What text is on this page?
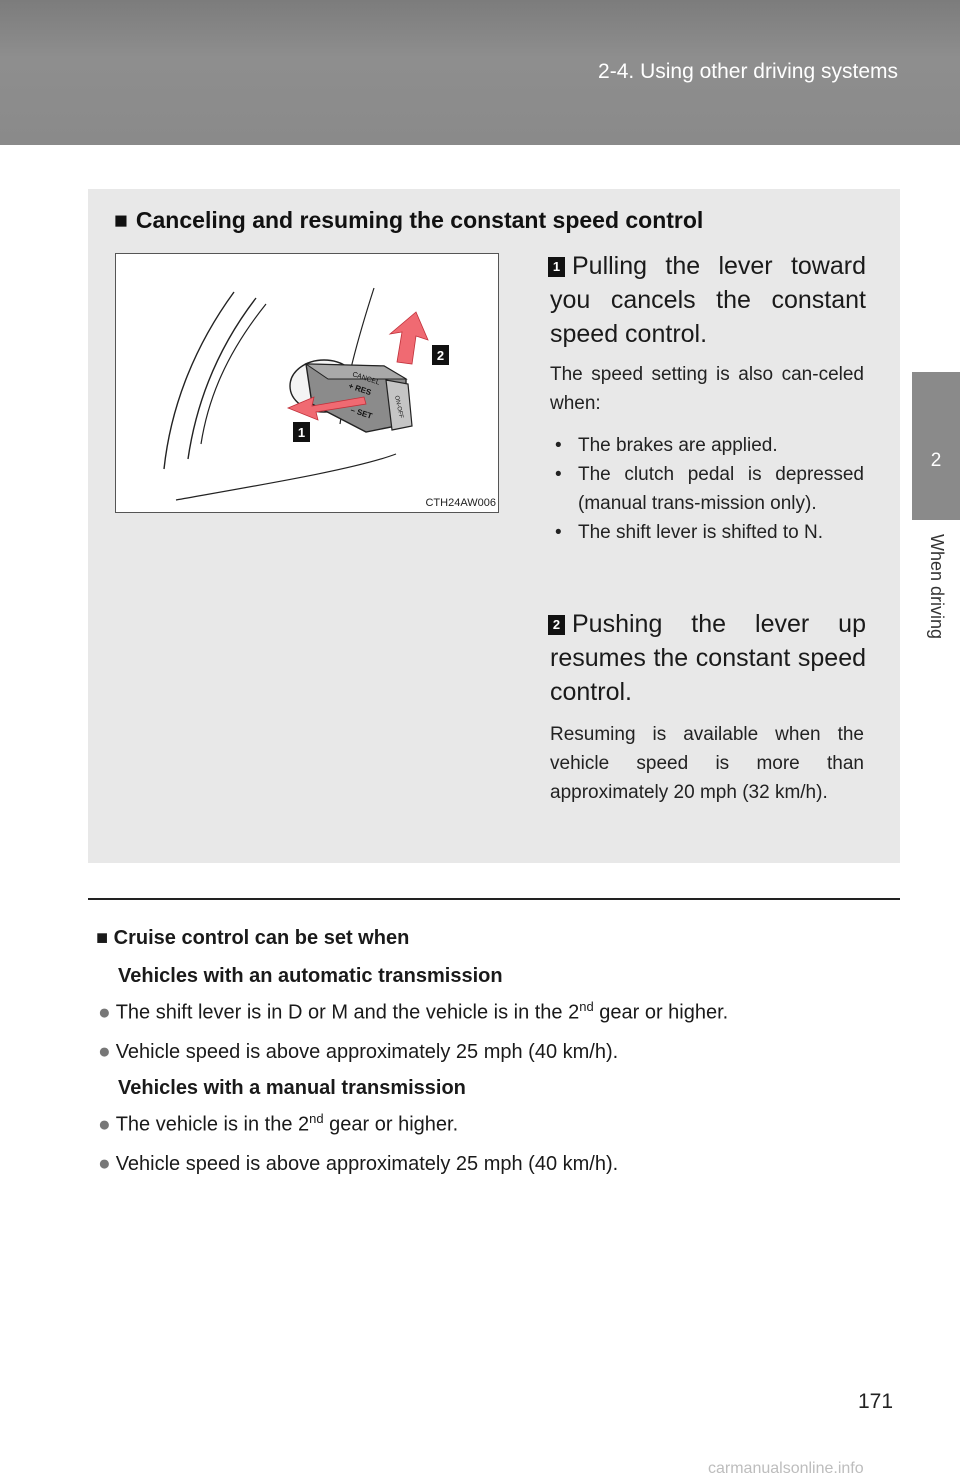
2-4. Using other driving systems
2
When driving
■ Canceling and resuming the constant speed control
CANCEL
+ RES
– SET	ON-OFF
1
2
CTH24AW006
1 Pulling the lever toward you cancels the constant speed control.
The speed setting is also can-celed when:
• The brakes are applied.
• The clutch pedal is depressed (manual trans-mission only).
• The shift lever is shifted to N.
2 Pushing the lever up resumes the constant speed control.
Resuming is available when the vehicle speed is more than approximately 20 mph (32 km/h).
■ Cruise control can be set when
Vehicles with an automatic transmission
● The shift lever is in D or M and the vehicle is in the 2nd gear or higher.
● Vehicle speed is above approximately 25 mph (40 km/h).
Vehicles with a manual transmission
● The vehicle is in the 2nd gear or higher.
● Vehicle speed is above approximately 25 mph (40 km/h).
171
carmanualsonline.info
